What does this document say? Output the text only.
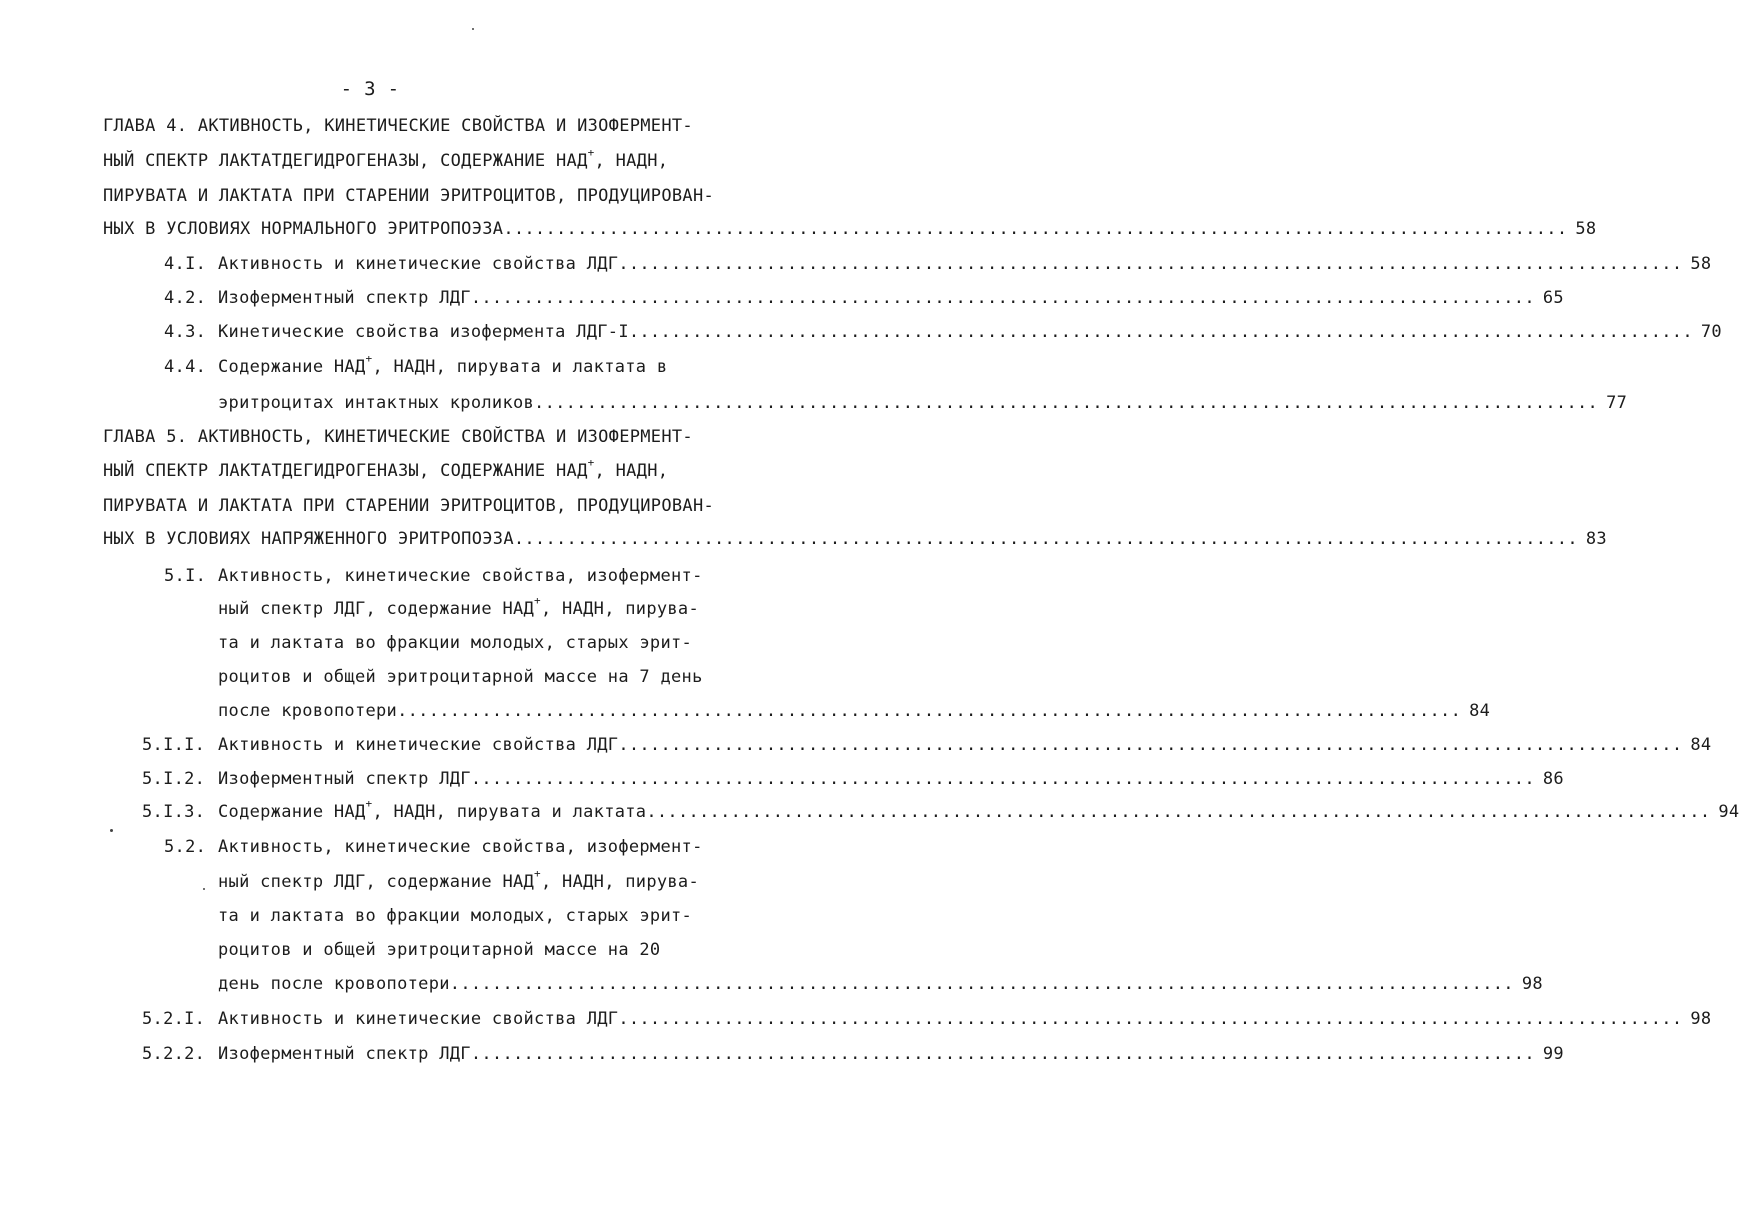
- 3 -
ГЛАВА 4. АКТИВНОСТЬ, КИНЕТИЧЕСКИЕ СВОЙСТВА И ИЗОФЕРМЕНТ-
НЫЙ СПЕКТР ЛАКТАТДЕГИДРОГЕНАЗЫ, СОДЕРЖАНИЕ НАД+, НАДН,
ПИРУВАТА И ЛАКТАТА ПРИ СТАРЕНИИ ЭРИТРОЦИТОВ, ПРОДУЦИРОВАН-
НЫХ В УСЛОВИЯХ НОРМАЛЬНОГО ЭРИТРОПОЭЗА ..................................................................................................... 58
4.I. Активность и кинетические свойства ЛДГ ..................................................................................................... 58
4.2. Изоферментный спектр ЛДГ ..................................................................................................... 65
4.3. Кинетические свойства изофермента ЛДГ-I ..................................................................................................... 70
4.4. Содержание НАД+, НАДН, пирувата и лактата в
эритроцитах интактных кроликов ..................................................................................................... 77
ГЛАВА 5. АКТИВНОСТЬ, КИНЕТИЧЕСКИЕ СВОЙСТВА И ИЗОФЕРМЕНТ-
НЫЙ СПЕКТР ЛАКТАТДЕГИДРОГЕНАЗЫ, СОДЕРЖАНИЕ НАД+, НАДН,
ПИРУВАТА И ЛАКТАТА ПРИ СТАРЕНИИ ЭРИТРОЦИТОВ, ПРОДУЦИРОВАН-
НЫХ В УСЛОВИЯХ НАПРЯЖЕННОГО ЭРИТРОПОЭЗА ..................................................................................................... 83
5.I. Активность, кинетические свойства, изофермент-
ный спектр ЛДГ, содержание НАД+, НАДН, пирува-
та и лактата во фракции молодых, старых эрит-
роцитов и общей эритроцитарной массе на 7 день
после кровопотери ..................................................................................................... 84
5.I.I. Активность и кинетические свойства ЛДГ ..................................................................................................... 84
5.I.2. Изоферментный спектр ЛДГ ..................................................................................................... 86
5.I.3. Содержание НАД+, НАДН, пирувата и лактата ..................................................................................................... 94
5.2. Активность, кинетические свойства, изофермент-
ный спектр ЛДГ, содержание НАД+, НАДН, пирува-
та и лактата во фракции молодых, старых эрит-
роцитов и общей эритроцитарной массе на 20
день после кровопотери ..................................................................................................... 98
5.2.I. Активность и кинетические свойства ЛДГ ..................................................................................................... 98
5.2.2. Изоферментный спектр ЛДГ ..................................................................................................... 99
